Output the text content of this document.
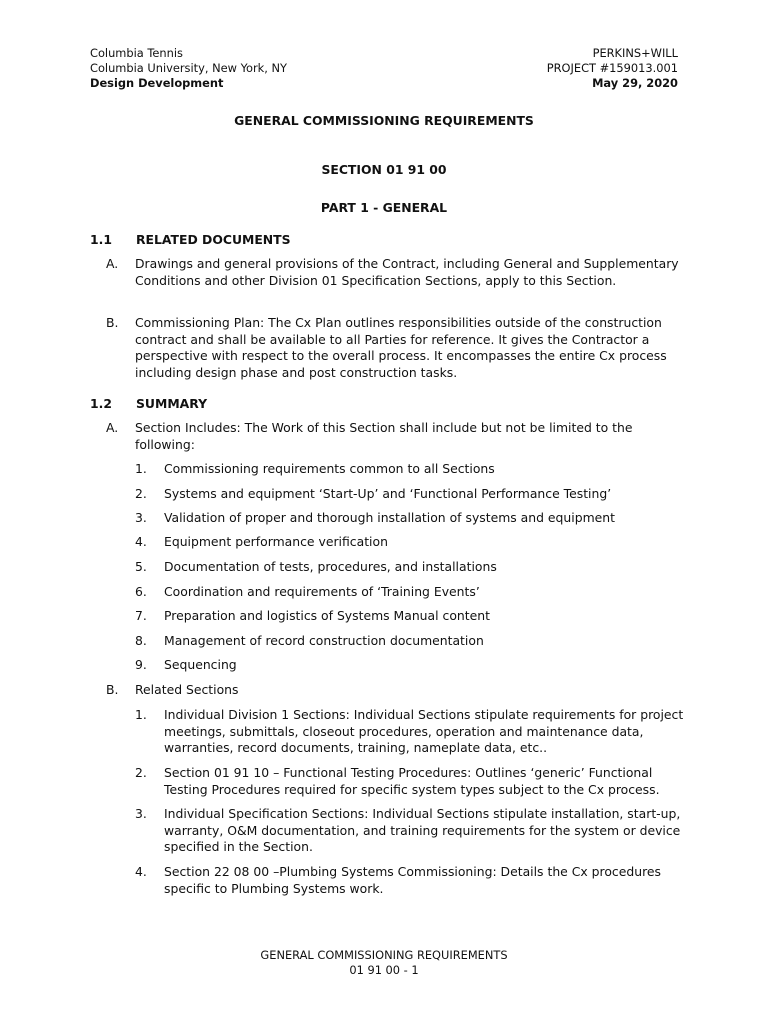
Columbia Tennis
Columbia University, New York, NY
Design Development
PERKINS+WILL
PROJECT #159013.001
May 29, 2020
GENERAL COMMISSIONING REQUIREMENTS
SECTION 01 91 00
PART 1 - GENERAL
1.1 RELATED DOCUMENTS
A. Drawings and general provisions of the Contract, including General and Supplementary Conditions and other Division 01 Specification Sections, apply to this Section.
B. Commissioning Plan: The Cx Plan outlines responsibilities outside of the construction contract and shall be available to all Parties for reference. It gives the Contractor a perspective with respect to the overall process. It encompasses the entire Cx process including design phase and post construction tasks.
1.2 SUMMARY
A. Section Includes: The Work of this Section shall include but not be limited to the following:
1. Commissioning requirements common to all Sections
2. Systems and equipment ‘Start-Up’ and ‘Functional Performance Testing’
3. Validation of proper and thorough installation of systems and equipment
4. Equipment performance verification
5. Documentation of tests, procedures, and installations
6. Coordination and requirements of ‘Training Events’
7. Preparation and logistics of Systems Manual content
8. Management of record construction documentation
9. Sequencing
B. Related Sections
1. Individual Division 1 Sections: Individual Sections stipulate requirements for project meetings, submittals, closeout procedures, operation and maintenance data, warranties, record documents, training, nameplate data, etc..
2. Section 01 91 10 – Functional Testing Procedures: Outlines ‘generic’ Functional Testing Procedures required for specific system types subject to the Cx process.
3. Individual Specification Sections: Individual Sections stipulate installation, start-up, warranty, O&M documentation, and training requirements for the system or device specified in the Section.
4. Section 22 08 00 –Plumbing Systems Commissioning: Details the Cx procedures specific to Plumbing Systems work.
GENERAL COMMISSIONING REQUIREMENTS
01 91 00 - 1
